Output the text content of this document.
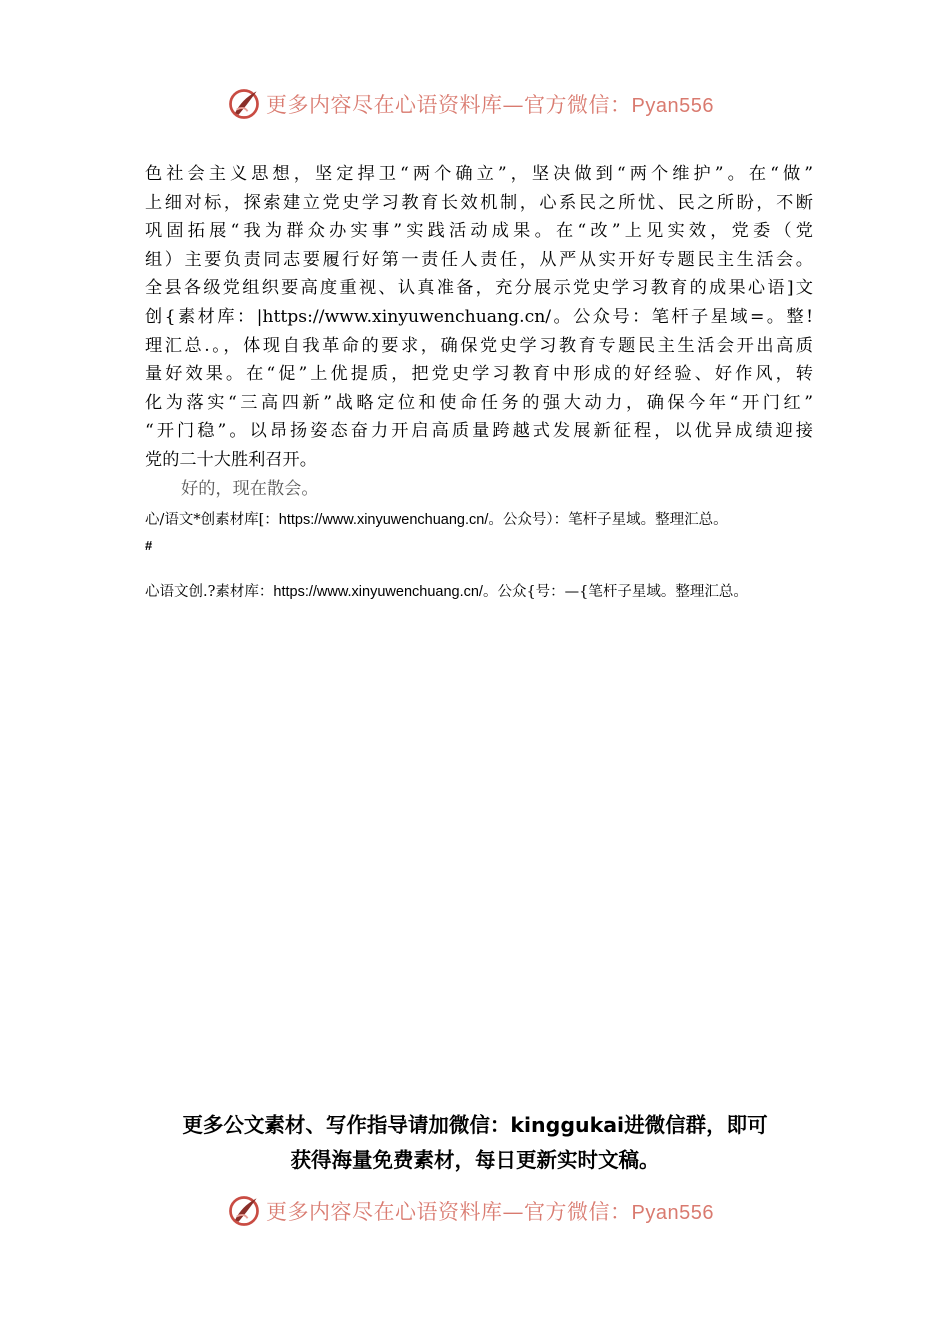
更多内容尽在心语资料库—官方微信：Pyan556

色社会主义思想，坚定捍卫“两个确立”，坚决做到“两个维护”。在“做”
上细对标，探索建立党史学习教育长效机制，心系民之所忧、民之所盼，不断
巩固拓展“我为群众办实事”实践活动成果。在“改”上见实效，党委（党
组）主要负责同志要履行好第一责任人责任，从严从实开好专题民主生活会。
全县各级党组织要高度重视、认真准备，充分展示党史学习教育的成果心语]文
创{素材库：|https://www.xinyuwenchuang.cn/。公众号：笔杆子星域=。整!
理汇总.。，体现自我革命的要求，确保党史学习教育专题民主生活会开出高质
量好效果。在“促”上优提质，把党史学习教育中形成的好经验、好作风，转
化为落实“三高四新”战略定位和使命任务的强大动力，确保今年“开门红”
“开门稳”。以昂扬姿态奋力开启高质量跨越式发展新征程，以优异成绩迎接
党的二十大胜利召开。

好的，现在散会。

心/语文*创素材库[：https://www.xinyuwenchuang.cn/。公众号）：笔杆子星域。整理汇总。
#
心语文创.?素材库：https://www.xinyuwenchuang.cn/。公众{号：—{笔杆子星域。整理汇总。
更多公文素材、写作指导请加微信：kinggukai进微信群，即可
获得海量免费素材，每日更新实时文稿。
更多内容尽在心语资料库—官方微信：Pyan556
